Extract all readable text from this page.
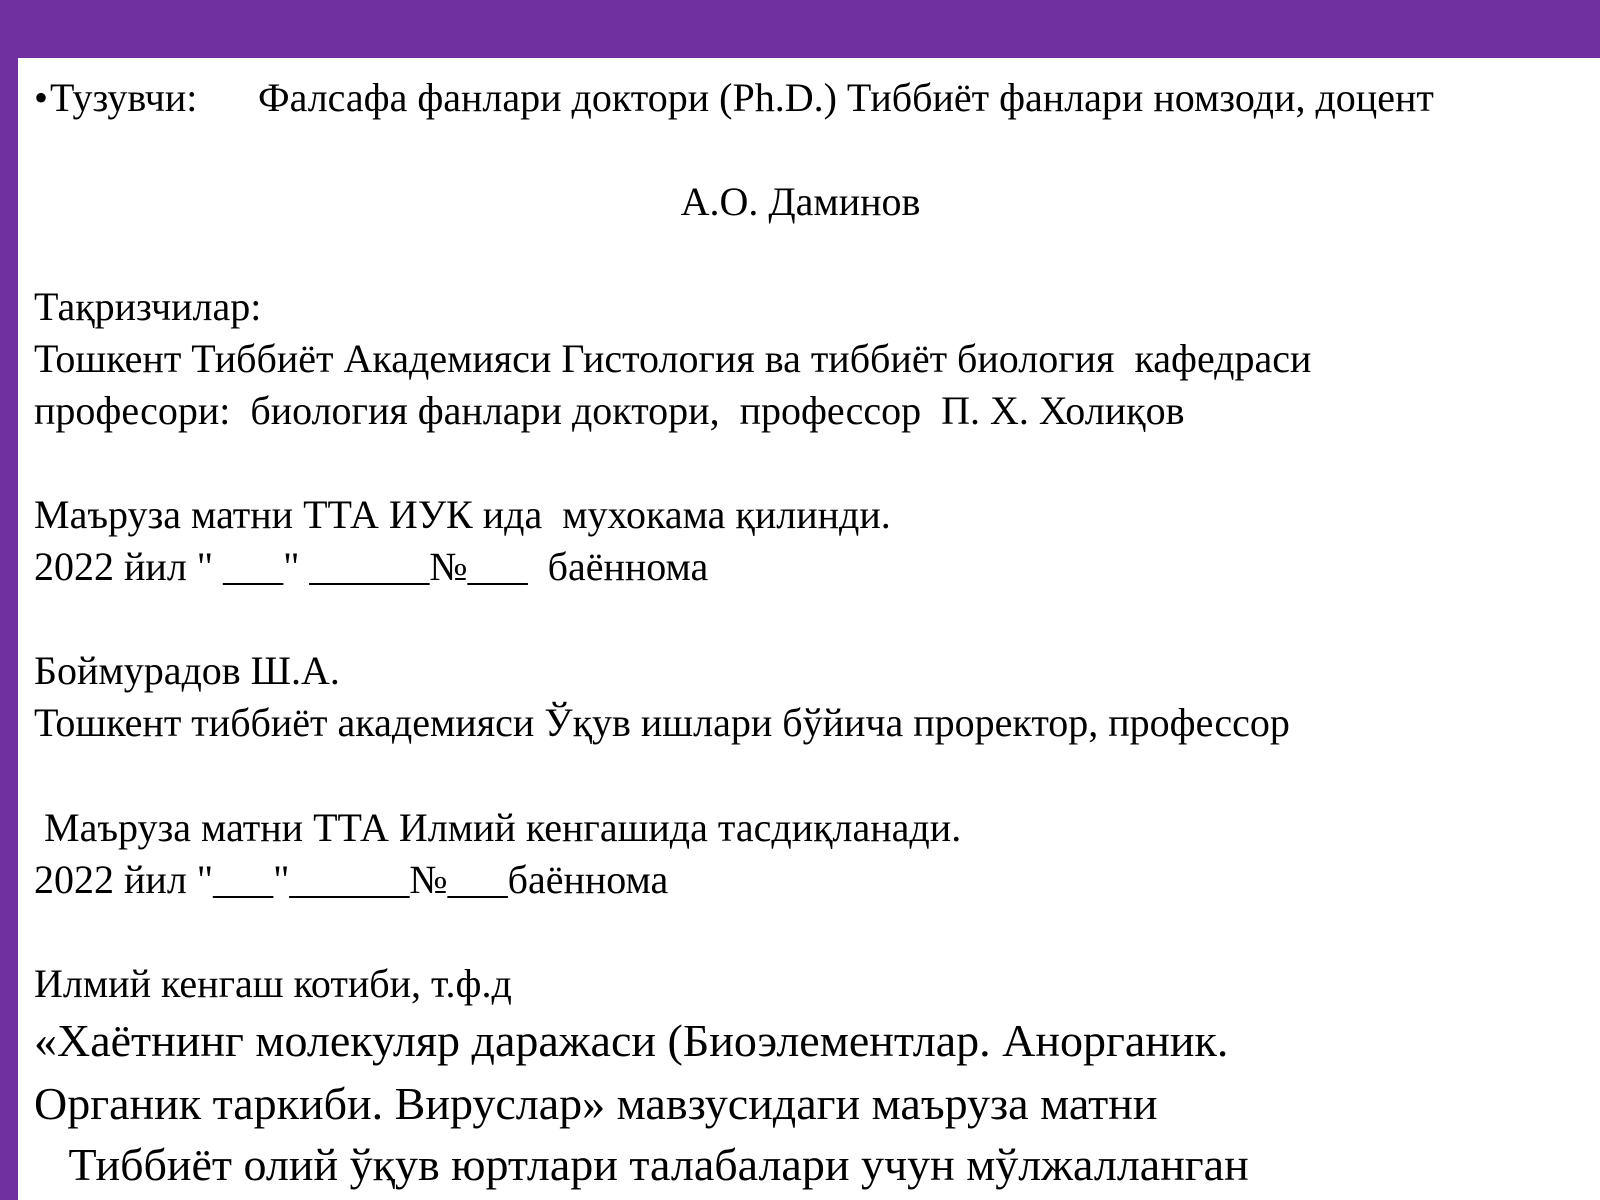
•Тузувчи: Фалсафа фанлари доктори (Ph.D.) Тиббиёт фанлари номзоди, доцент
А.О. Даминов
Тақризчилар:
Тошкент Тиббиёт Академияси Гистология ва тиббиёт биология  кафедраси
професори:  биология фанлари доктори,  профессор  П. Х. Холиқов
Маъруза матни ТТА ИУК ида  мухокама қилинди.
2022 йил " ___" ______№___  баённома
Боймурадов Ш.А.
Тошкент тиббиёт академияси Ўқув ишлари бўйича проректор, профессор
Маъруза матни ТТА Илмий кенгашида тасдиқланади.
2022 йил "___"______№___баённома
Илмий кенгаш котиби, т.ф.д
«Хаётнинг молекуляр даражаси (Биоэлементлар. Анорганик.
Органик таркиби. Вируслар» мавзусидаги маъруза матни
Тиббиёт олий ўқув юртлари талабалари учун мўлжалланган
